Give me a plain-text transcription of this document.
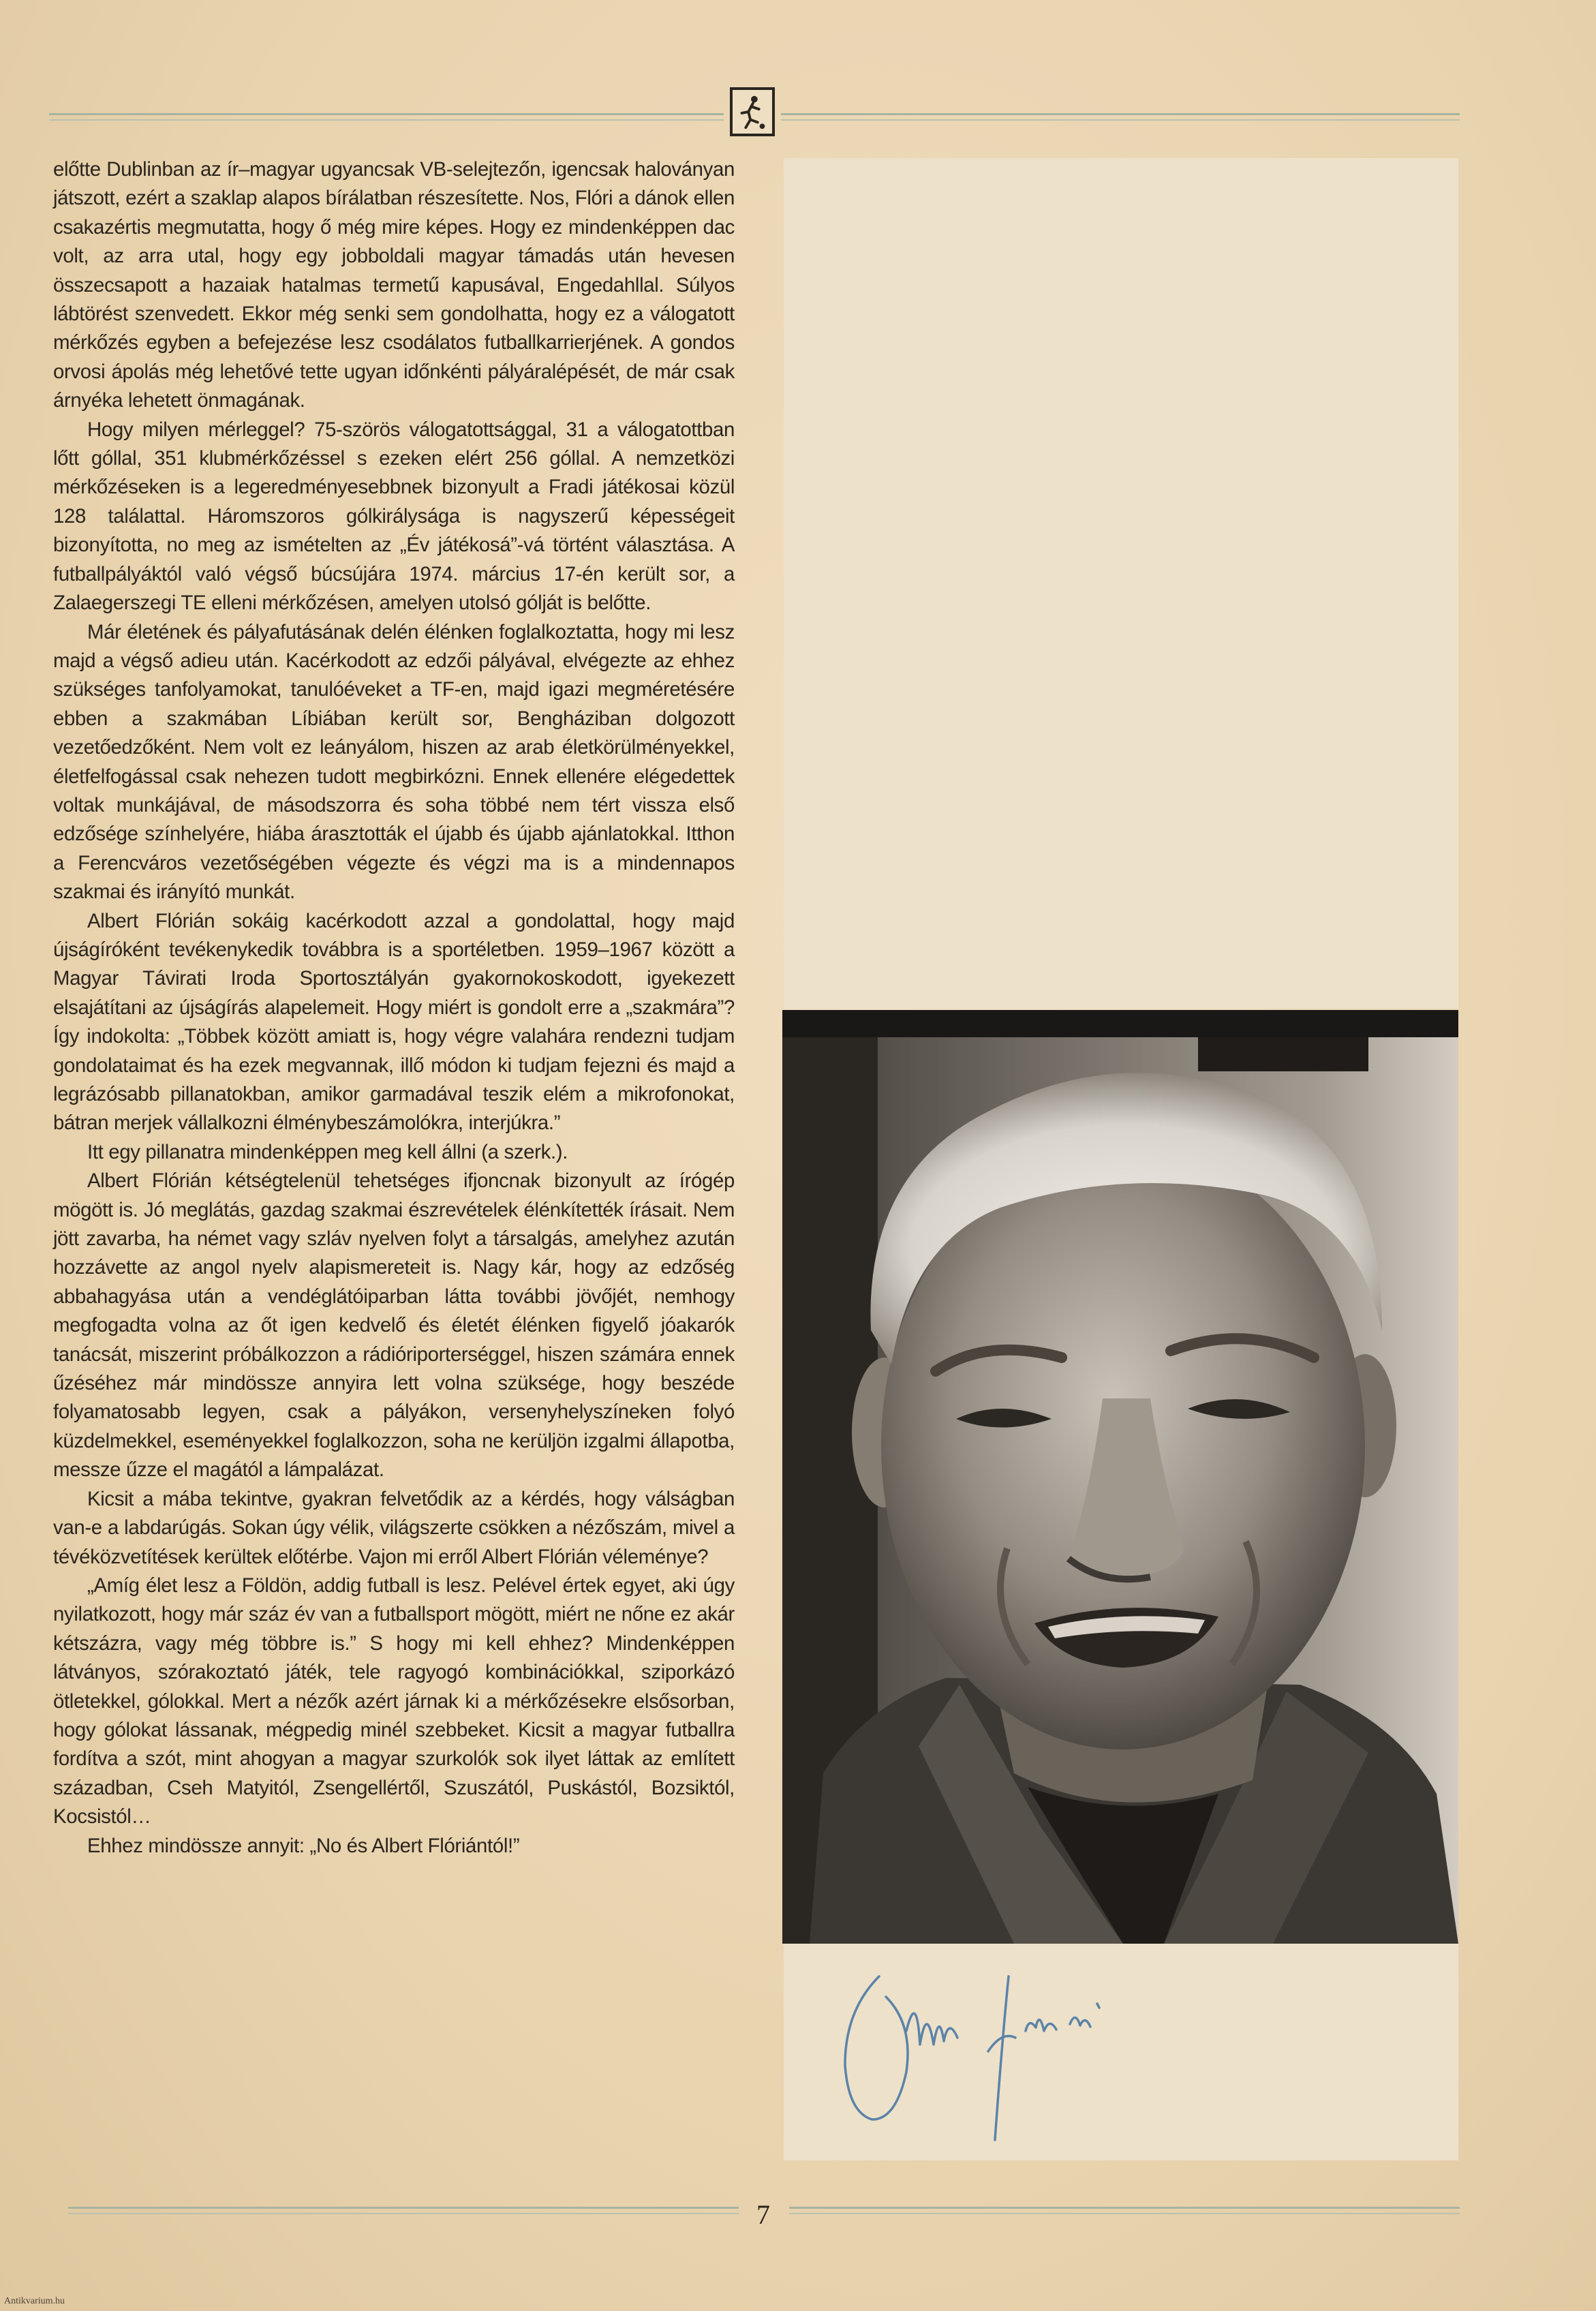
előtte Dublinban az ír–magyar ugyancsak VB-selejtezőn, igencsak haloványan játszott, ezért a szaklap alapos bírálatban részesítette. Nos, Flóri a dánok ellen csakazértis megmutatta, hogy ő még mire képes. Hogy ez mindenképpen dac volt, az arra utal, hogy egy jobboldali magyar támadás után hevesen összecsapott a hazaiak hatalmas termetű kapusával, Engedahllal. Súlyos lábtörést szenvedett. Ekkor még senki sem gondolhatta, hogy ez a válogatott mérkőzés egyben a befejezése lesz csodálatos futballkarrierjének. A gondos orvosi ápolás még lehetővé tette ugyan időnkénti pályáralépését, de már csak árnyéka lehetett önmagának.

Hogy milyen mérleggel? 75-szörös válogatottsággal, 31 a válogatottban lőtt góllal, 351 klubmérkőzéssel s ezeken elért 256 góllal. A nemzetközi mérkőzéseken is a legeredményesebbnek bizonyult a Fradi játékosai közül 128 találattal. Háromszoros gólkirálysága is nagyszerű képességeit bizonyította, no meg az ismételten az „Év játékosá”-vá történt választása. A futballpályáktól való végső búcsújára 1974. március 17-én került sor, a Zalaegerszegi TE elleni mérkőzésen, amelyen utolsó gólját is belőtte.

Már életének és pályafutásának delén élénken foglalkoztatta, hogy mi lesz majd a végső adieu után. Kacérkodott az edzői pályával, elvégezte az ehhez szükséges tanfolyamokat, tanulóéveket a TF-en, majd igazi megméretésére ebben a szakmában Líbiában került sor, Bengháziban dolgozott vezetőedzőként. Nem volt ez leányálom, hiszen az arab életkörülményekkel, életfelfogással csak nehezen tudott megbirkózni. Ennek ellenére elégedettek voltak munkájával, de másodszorra és soha többé nem tért vissza első edzősége színhelyére, hiába árasztották el újabb és újabb ajánlatokkal. Itthon a Ferencváros vezetőségében végezte és végzi ma is a mindennapos szakmai és irányító munkát.

Albert Flórián sokáig kacérkodott azzal a gondolattal, hogy majd újságíróként tevékenykedik továbbra is a sportéletben. 1959–1967 között a Magyar Távirati Iroda Sportosztályán gyakornokoskodott, igyekezett elsajátítani az újságírás alapelemeit. Hogy miért is gondolt erre a „szakmára”? Így indokolta: „Többek között amiatt is, hogy végre valahára rendezni tudjam gondolataimat és ha ezek megvannak, illő módon ki tudjam fejezni és majd a legrázósabb pillanatokban, amikor garmadával teszik elém a mikrofonokat, bátran merjek vállalkozni élménybeszámolókra, interjúkra.”

Itt egy pillanatra mindenképpen meg kell állni (a szerk.).

Albert Flórián kétségtelenül tehetséges ifjoncnak bizonyult az írógép mögött is. Jó meglátás, gazdag szakmai észrevételek élénkítették írásait. Nem jött zavarba, ha német vagy szláv nyelven folyt a társalgás, amelyhez azután hozzávette az angol nyelv alapismereteit is. Nagy kár, hogy az edzőség abbahagyása után a vendéglátóiparban látta további jövőjét, nemhogy megfogadta volna az őt igen kedvelő és életét élénken figyelő jóakarók tanácsát, miszerint próbálkozzon a rádióriporterséggel, hiszen számára ennek űzéséhez már mindössze annyira lett volna szüksége, hogy beszéde folyamatosabb legyen, csak a pályákon, versenyhelyszíneken folyó küzdelmekkel, eseményekkel foglalkozzon, soha ne kerüljön izgalmi állapotba, messze űzze el magától a lámpalázat.

Kicsit a mába tekintve, gyakran felvetődik az a kérdés, hogy válságban van-e a labdarúgás. Sokan úgy vélik, világszerte csökken a nézőszám, mivel a tévéközvetítések kerültek előtérbe. Vajon mi erről Albert Flórián véleménye?

„Amíg élet lesz a Földön, addig futball is lesz. Pelével értek egyet, aki úgy nyilatkozott, hogy már száz év van a futballsport mögött, miért ne nőne ez akár kétszázra, vagy még többre is.” S hogy mi kell ehhez? Mindenképpen látványos, szórakoztató játék, tele ragyogó kombinációkkal, sziporkázó ötletekkel, gólokkal. Mert a nézők azért járnak ki a mérkőzésekre elsősorban, hogy gólokat lássanak, mégpedig minél szebbeket. Kicsit a magyar futballra fordítva a szót, mint ahogyan a magyar szurkolók sok ilyet láttak az említett században, Cseh Matyitól, Zsengellértől, Szuszától, Puskástól, Bozsiktól, Kocsistól…

Ehhez mindössze annyit: „No és Albert Flóriántól!”

7
Antikvarium.hu
